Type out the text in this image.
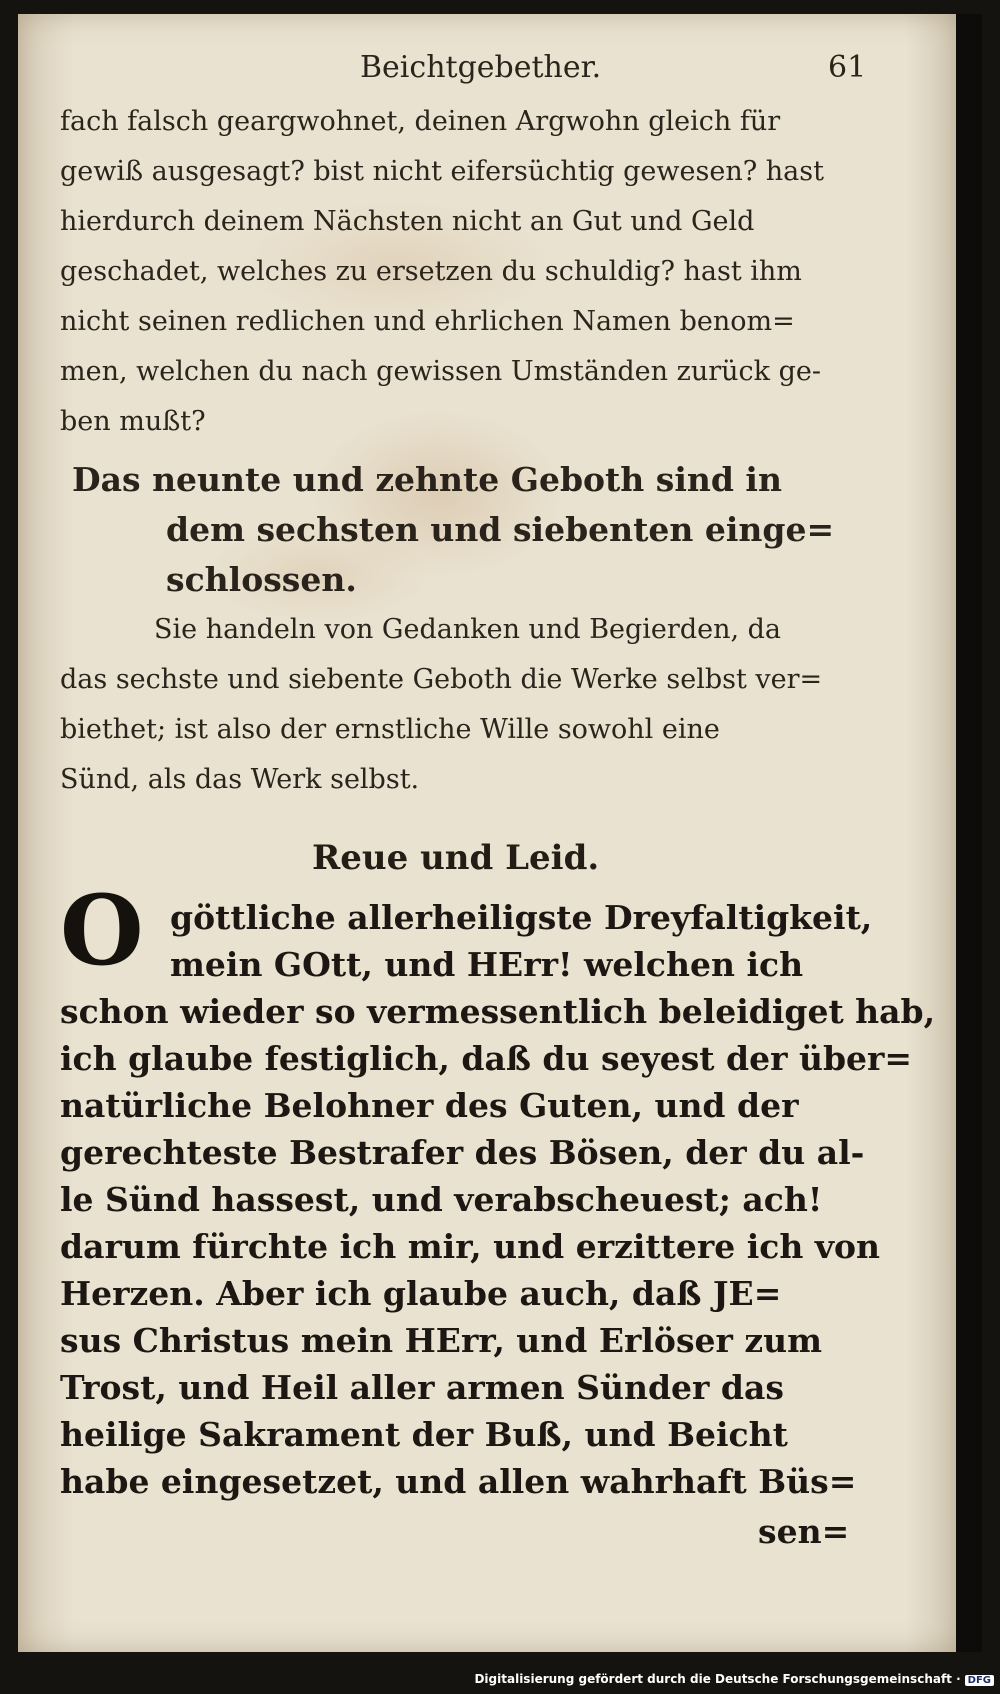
Beichtgebether.	61
fach falsch geargwohnet, deinen Argwohn gleich für
gewiß ausgesagt? bist nicht eifersüchtig gewesen? hast
hierdurch deinem Nächsten nicht an Gut und Geld
geschadet, welches zu ersetzen du schuldig? hast ihm
nicht seinen redlichen und ehrlichen Namen benom=
men, welchen du nach gewissen Umständen zurück ge-
ben mußt?
Das neunte und zehnte Geboth sind in
dem sechsten und siebenten einge=
schlossen.
Sie handeln von Gedanken und Begierden, da
das sechste und siebente Geboth die Werke selbst ver=
biethet; ist also der ernstliche Wille sowohl eine
Sünd, als das Werk selbst.
Reue und Leid.
O göttliche allerheiligste Dreyfaltigkeit,
mein GOtt, und HErr! welchen ich
schon wieder so vermessentlich beleidiget hab,
ich glaube festiglich, daß du seyest der über=
natürliche Belohner des Guten, und der
gerechteste Bestrafer des Bösen, der du al-
le Sünd hassest, und verabscheuest; ach!
darum fürchte ich mir, und erzittere ich von
Herzen. Aber ich glaube auch, daß JE=
sus Christus mein HErr, und Erlöser zum
Trost, und Heil aller armen Sünder das
heilige Sakrament der Buß, und Beicht
habe eingesetzet, und allen wahrhaft Büs=
sen=
Digitalisierung gefördert durch die Deutsche Forschungsgemeinschaft · DFG
